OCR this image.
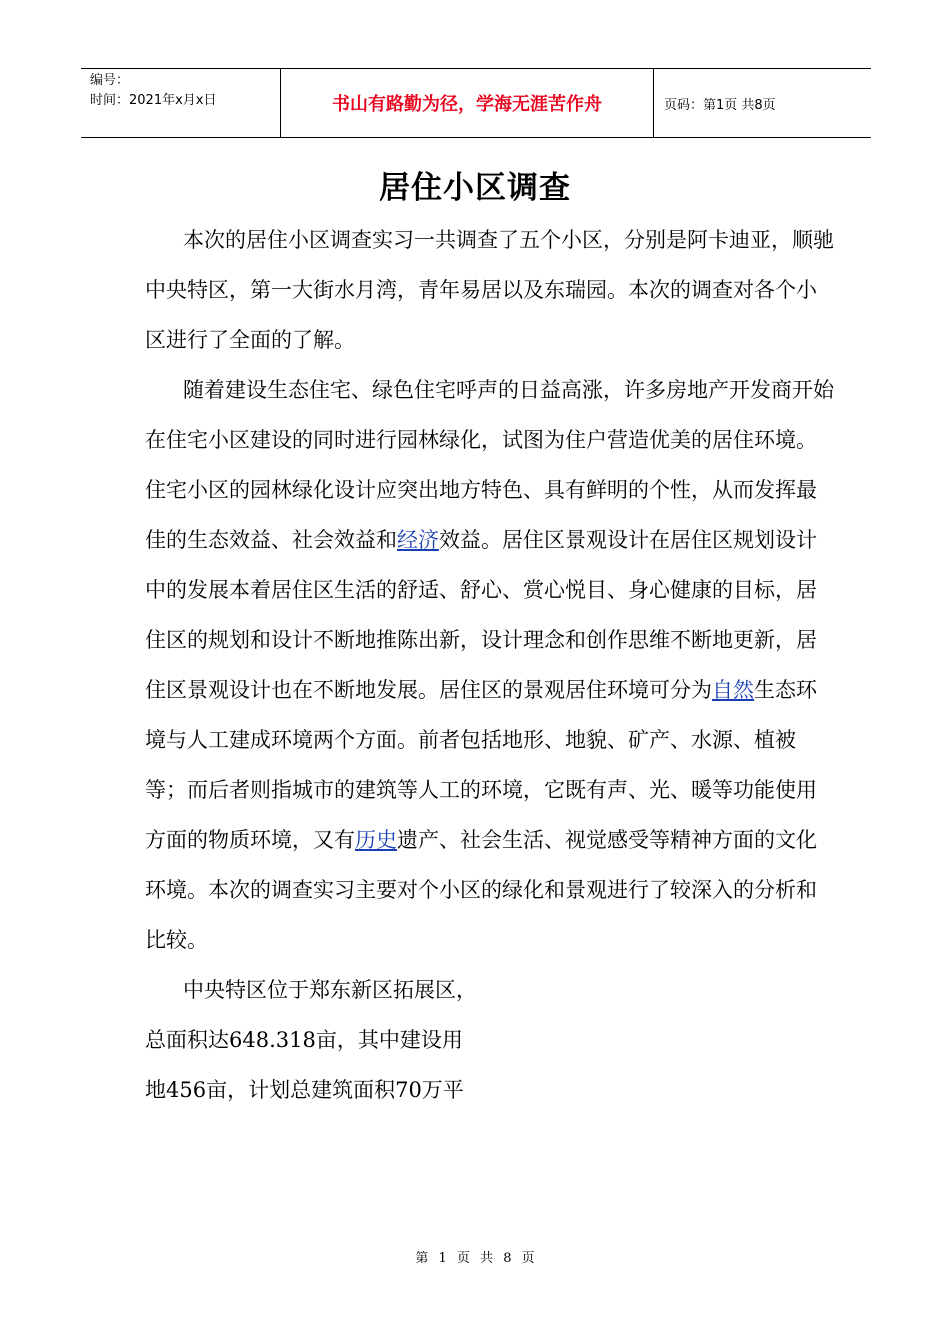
编号：
时间：2021年x月x日	书山有路勤为径，学海无涯苦作舟	页码：第1页 共8页
居住小区调查

本次的居住小区调查实习一共调查了五个小区，分别是阿卡迪亚，顺驰中央特区，第一大街水月湾，青年易居以及东瑞园。本次的调查对各个小区进行了全面的了解。

随着建设生态住宅、绿色住宅呼声的日益高涨，许多房地产开发商开始在住宅小区建设的同时进行园林绿化，试图为住户营造优美的居住环境。住宅小区的园林绿化设计应突出地方特色、具有鲜明的个性，从而发挥最佳的生态效益、社会效益和经济效益。居住区景观设计在居住区规划设计中的发展本着居住区生活的舒适、舒心、赏心悦目、身心健康的目标，居住区的规划和设计不断地推陈出新，设计理念和创作思维不断地更新，居住区景观设计也在不断地发展。居住区的景观居住环境可分为自然生态环境与人工建成环境两个方面。前者包括地形、地貌、矿产、水源、植被等；而后者则指城市的建筑等人工的环境，它既有声、光、暖等功能使用方面的物质环境，又有历史遗产、社会生活、视觉感受等精神方面的文化环境。本次的调查实习主要对个小区的绿化和景观进行了较深入的分析和比较。

中央特区位于郑东新区拓展区，

总面积达648.318亩，其中建设用

地456亩，计划总建筑面积70万平

第 1 页 共 8 页
